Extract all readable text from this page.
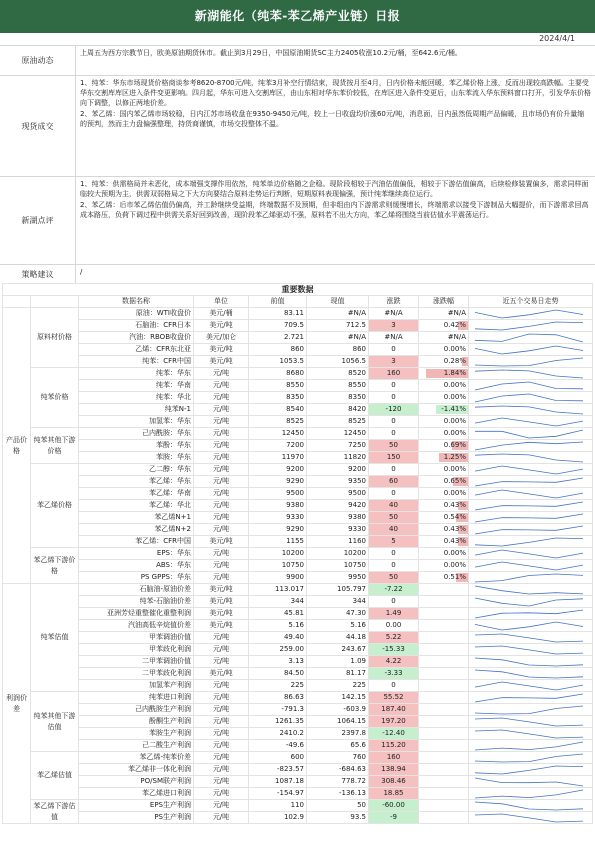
新湖能化（纯苯-苯乙烯产业链）日报
2024/4/1
原油动态

上周五为西方宗教节日，欧美原油期货休市。截止到3月29日，中国原油期货SC主力2405收涨10.2元/桶，至642.6元/桶。

现货成交

1、纯苯：华东市场现货价格商谈参考8620-8700元/吨，纯苯3月补空行情结束，现货按月至4月，日内价格未能回暖，苯乙烯价格上涨，反而出现较高跌幅。主要受华东交割库库区进入条件变更影响。四月起，华东可进入交割库区，由山东相对华东苯价较低，在库区进入条件变更后，山东苯流入华东预料窗口打开，引发华东价格向下调整，以修正两地价差。

2、苯乙烯：国内苯乙烯市场较稳，日内江苏市场收盘在9350-9450元/吨，较上一日收盘均价涨60元/吨，消息面，日内虽然低周期产品偏暖，且市场仍有价升量缩的预判，然而主力盘偏强整理，持货商谨慎，市场交投整体不温。

新湖点评

1、纯苯：供需格局并未恶化，成本端强支撑作用依然，纯苯单边价格随之企稳。现阶段相较于汽油估值偏低，相较于下游估值偏高，后续检修装置偏多，需求同样面临较大预期为主，供需双弱格局之下大方向要结合原料走势运行判断，短期原料表现偏强，预计纯苯继续高位运行。

2、苯乙烯：后市苯乙烯估值仍偏高，并工龄继续受益期，终端数据不及预期，但非组由内下游需求则缓慢增长，终端需求以接受下游制品大幅提价，而下游需求回高成本路压，负荷下调过程中供需关系好回到改善，现阶段苯乙烯驱动不强，原料若不出大方向，苯乙烯将围绕当前估值水平震荡运行。

策略建议	/

重要数据								
		数据名称	单位	前值	现值	涨跌	涨跌幅	近五个交易日走势
产品价格	原料材价格	原油：WTI收盘价	美元/桶	83.11	#N/A	#N/A	#N/A	

		石脑油：CFR日本	美元/吨	709.5	712.5	3	0.42%	

		汽油：RBOB收盘价	美元/加仑	2.721	#N/A	#N/A	#N/A	

		乙烯：CFR东北亚	美元/吨	860	860	0	0.00%	

		纯苯：CFR中国	美元/吨	1053.5	1056.5	3	0.28%	

	纯苯价格	纯苯：华东	元/吨	8680	8520	160	1.84%	

		纯苯：华南	元/吨	8550	8550	0	0.00%	

		纯苯：华北	元/吨	8350	8350	0	0.00%	

		纯苯N-1	元/吨	8540	8420	-120	-1.41%	

		加氢苯：华东	元/吨	8525	8525	0	0.00%	

	纯苯其他下游价格	己内酰胺：华东	元/吨	12450	12450	0	0.00%	

		苯酚：华东	元/吨	7200	7250	50	0.69%	

		苯胺：华东	元/吨	11970	11820	150	1.25%	

	苯乙烯价格	乙二醇：华东	元/吨	9200	9200	0	0.00%	

		苯乙烯：华东	元/吨	9290	9350	60	0.65%	

		苯乙烯：华南	元/吨	9500	9500	0	0.00%	

		苯乙烯：华北	元/吨	9380	9420	40	0.43%	

		苯乙烯N+1	元/吨	9330	9380	50	0.54%	

		苯乙烯N+2	元/吨	9290	9330	40	0.43%	

		苯乙烯：CFR中国	美元/吨	1155	1160	5	0.43%	

	苯乙烯下游价格	EPS：华东	元/吨	10200	10200	0	0.00%	

		ABS：华东	元/吨	10750	10750	0	0.00%	

		PS GPPS：华东	元/吨	9900	9950	50	0.51%	

利润价差	纯苯估值	石脑油-原油价差	美元/吨	113.017	105.797	-7.22		

		纯苯-石脑油价差	美元/吨	344	344	0		

		亚洲芳烃重整催化重整利润	美元/吨	45.81	47.30	1.49		

		汽油高低辛烷值价差	美元/吨	5.16	5.16	0.00		

		甲苯调油价值	元/吨	49.40	44.18	5.22		

		甲苯歧化利润	元/吨	259.00	243.67	-15.33		

		二甲苯调油价值	元/吨	3.13	1.09	4.22		

		二甲苯歧化利润	美元/吨	84.50	81.17	-3.33		

		加氢苯产利润	元/吨	225	225	0		

	纯苯其他下游估值	纯苯进口利润	元/吨	86.63	142.15	55.52		

		己内酰胺生产利润	元/吨	-791.3	-603.9	187.40		

		酚酮生产利润	元/吨	1261.35	1064.15	197.20		

		苯胺生产利润	元/吨	2410.2	2397.8	-12.40		

		己二酸生产利润	元/吨	-49.6	65.6	115.20		

	苯乙烯估值	苯乙烯-纯苯价差	元/吨	600	760	160		

		苯乙烯非一体化利润	元/吨	-823.57	-684.63	138.94		

		PO/SM联产利润	元/吨	1087.18	778.72	308.46		

		苯乙烯进口利润	元/吨	-154.97	-136.13	18.85		

	苯乙烯下游估值	EPS生产利润	元/吨	110	50	-60.00		

		PS生产利润	元/吨	102.9	93.5	-9		
